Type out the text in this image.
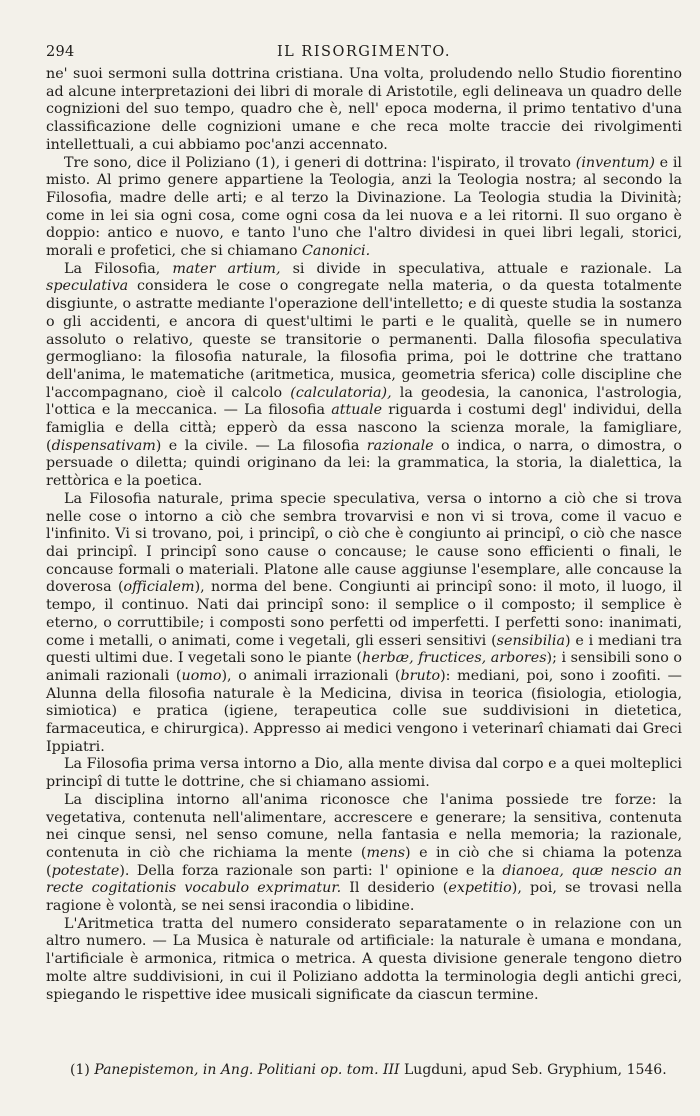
294	IL RISORGIMENTO.

ne' suoi sermoni sulla dottrina cristiana. Una volta, proludendo nello Studio fiorentino ad alcune interpretazioni dei libri di morale di Aristotile, egli delineava un quadro delle cognizioni del suo tempo, quadro che è, nell' epoca moderna, il primo tentativo d'una classificazione delle cognizioni umane e che reca molte traccie dei rivolgimenti intellettuali, a cui abbiamo poc'anzi accennato.

Tre sono, dice il Poliziano (1), i generi di dottrina: l'ispirato, il trovato (inventum) e il misto. Al primo genere appartiene la Teologia, anzi la Teologia nostra; al secondo la Filosofia, madre delle arti; e al terzo la Divinazione. La Teologia studia la Divinità; come in lei sia ogni cosa, come ogni cosa da lei nuova e a lei ritorni. Il suo organo è doppio: antico e nuovo, e tanto l'uno che l'altro dividesi in quei libri legali, storici, morali e profetici, che si chiamano Canonici.

La Filosofia, mater artium, si divide in speculativa, attuale e razionale. La speculativa considera le cose o congregate nella materia, o da questa totalmente disgiunte, o astratte mediante l'operazione dell'intelletto; e di queste studia la sostanza o gli accidenti, e ancora di quest'ultimi le parti e le qualità, quelle se in numero assoluto o relativo, queste se transitorie o permanenti. Dalla filosofia speculativa germogliano: la filosofia naturale, la filosofia prima, poi le dottrine che trattano dell'anima, le matematiche (aritmetica, musica, geometria sferica) colle discipline che l'accompagnano, cioè il calcolo (calculatoria), la geodesia, la canonica, l'astrologia, l'ottica e la meccanica. — La filosofia attuale riguarda i costumi degl' individui, della famiglia e della città; epperò da essa nascono la scienza morale, la famigliare, (dispensativam) e la civile. — La filosofia razionale o indica, o narra, o dimostra, o persuade o diletta; quindi originano da lei: la grammatica, la storia, la dialettica, la rettòrica e la poetica.

La Filosofia naturale, prima specie speculativa, versa o intorno a ciò che si trova nelle cose o intorno a ciò che sembra trovarvisi e non vi si trova, come il vacuo e l'infinito. Vi si trovano, poi, i principî, o ciò che è congiunto ai principî, o ciò che nasce dai principî. I principî sono cause o concause; le cause sono efficienti o finali, le concause formali o materiali. Platone alle cause aggiunse l'esemplare, alle concause la doverosa (officialem), norma del bene. Congiunti ai principî sono: il moto, il luogo, il tempo, il continuo. Nati dai principî sono: il semplice o il composto; il semplice è eterno, o corruttibile; i composti sono perfetti od imperfetti. I perfetti sono: inanimati, come i metalli, o animati, come i vegetali, gli esseri sensitivi (sensibilia) e i mediani tra questi ultimi due. I vegetali sono le piante (herbæ, fructices, arbores); i sensibili sono o animali razionali (uomo), o animali irrazionali (bruto): mediani, poi, sono i zoofiti. — Alunna della filosofia naturale è la Medicina, divisa in teorica (fisiologia, etiologia, simiotica) e pratica (igiene, terapeutica colle sue suddivisioni in dietetica, farmaceutica, e chirurgica). Appresso ai medici vengono i veterinarî chiamati dai Greci Ippiatri.

La Filosofia prima versa intorno a Dio, alla mente divisa dal corpo e a quei molteplici principî di tutte le dottrine, che si chiamano assiomi.

La disciplina intorno all'anima riconosce che l'anima possiede tre forze: la vegetativa, contenuta nell'alimentare, accrescere e generare; la sensitiva, contenuta nei cinque sensi, nel senso comune, nella fantasia e nella memoria; la razionale, contenuta in ciò che richiama la mente (mens) e in ciò che si chiama la potenza (potestate). Della forza razionale son parti: l' opinione e la dianoea, quæ nescio an recte cogitationis vocabulo exprimatur. Il desiderio (expetitio), poi, se trovasi nella ragione è volontà, se nei sensi iracondia o libidine.

L'Aritmetica tratta del numero considerato separatamente o in relazione con un altro numero. — La Musica è naturale od artificiale: la naturale è umana e mondana, l'artificiale è armonica, ritmica o metrica. A questa divisione generale tengono dietro molte altre suddivisioni, in cui il Poliziano addotta la terminologia degli antichi greci, spiegando le rispettive idee musicali significate da ciascun termine.

(1) Panepistemon, in Ang. Politiani op. tom. III Lugduni, apud Seb. Gryphium, 1546.
